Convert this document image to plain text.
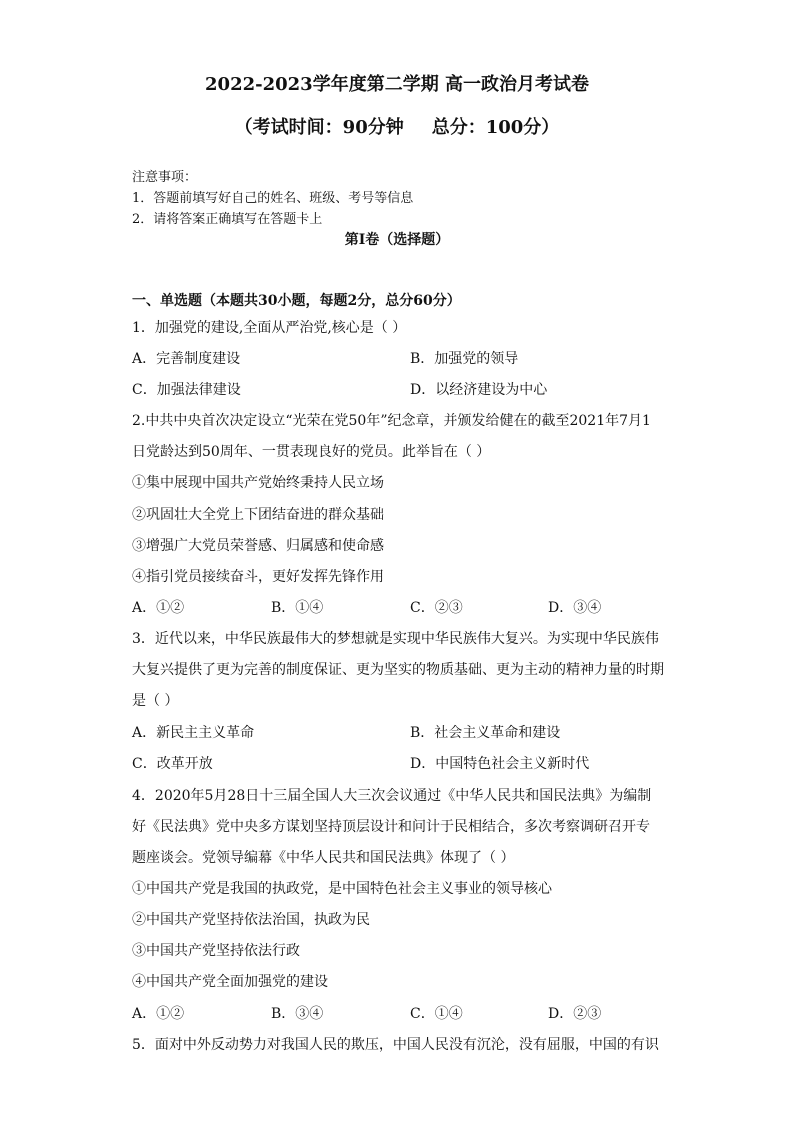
2022-2023学年度第二学期 高一政治月考试卷
（考试时间：90分钟 总分：100分）
注意事项：
1．答题前填写好自己的姓名、班级、考号等信息
2．请将答案正确填写在答题卡上
第I卷（选择题）
一、单选题（本题共30小题，每题2分，总分60分）
1．加强党的建设,全面从严治党,核心是（ ）
A．完善制度建设	B．加强党的领导
C．加强法律建设	D．以经济建设为中心
2.中共中央首次决定设立“光荣在党50年”纪念章，并颁发给健在的截至2021年7月1
日党龄达到50周年、一贯表现良好的党员。此举旨在（ ）
①集中展现中国共产党始终秉持人民立场
②巩固壮大全党上下团结奋进的群众基础
③增强广大党员荣誉感、归属感和使命感
④指引党员接续奋斗，更好发挥先锋作用
A．①②	B．①④	C．②③	D．③④
3．近代以来，中华民族最伟大的梦想就是实现中华民族伟大复兴。为实现中华民族伟
大复兴提供了更为完善的制度保证、更为坚实的物质基础、更为主动的精神力量的时期
是（ ）
A．新民主主义革命	B．社会主义革命和建设
C．改革开放	D．中国特色社会主义新时代
4．2020年5月28日十三届全国人大三次会议通过《中华人民共和国民法典》为编制
好《民法典》党中央多方谋划坚持顶层设计和问计于民相结合，多次考察调研召开专
题座谈会。党领导编幕《中华人民共和国民法典》体现了（ ）
①中国共产党是我国的执政党，是中国特色社会主义事业的领导核心
②中国共产党坚持依法治国，执政为民
③中国共产党坚持依法行政
④中国共产党全面加强党的建设
A．①②	B．③④	C．①④	D．②③
5．面对中外反动势力对我国人民的欺压，中国人民没有沉沦，没有屈服，中国的有识
